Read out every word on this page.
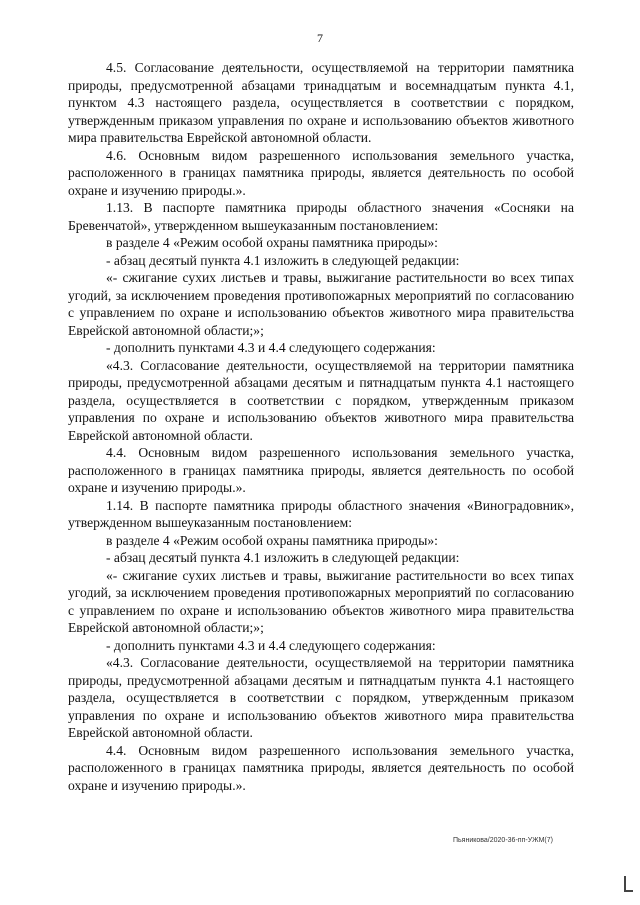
7

4.5. Согласование деятельности, осуществляемой на территории памятника природы, предусмотренной абзацами тринадцатым и восемнадцатым пункта 4.1, пунктом 4.3 настоящего раздела, осуществляется в соответствии с порядком, утвержденным приказом управления по охране и использованию объектов животного мира правительства Еврейской автономной области.

4.6. Основным видом разрешенного использования земельного участка, расположенного в границах памятника природы, является деятельность по особой охране и изучению природы.».

1.13. В паспорте памятника природы областного значения «Сосняки на Бревенчатой», утвержденном вышеуказанным постановлением:

в разделе 4 «Режим особой охраны памятника природы»:

- абзац десятый пункта 4.1 изложить в следующей редакции:

«- сжигание сухих листьев и травы, выжигание растительности во всех типах угодий, за исключением проведения противопожарных мероприятий по согласованию с управлением по охране и использованию объектов животного мира правительства Еврейской автономной области;»;

- дополнить пунктами 4.3 и 4.4 следующего содержания:

«4.3. Согласование деятельности, осуществляемой на территории памятника природы, предусмотренной абзацами десятым и пятнадцатым пункта 4.1 настоящего раздела, осуществляется в соответствии с порядком, утвержденным приказом управления по охране и использованию объектов животного мира правительства Еврейской автономной области.

4.4. Основным видом разрешенного использования земельного участка, расположенного в границах памятника природы, является деятельность по особой охране и изучению природы.».

1.14. В паспорте памятника природы областного значения «Виноградовник», утвержденном вышеуказанным постановлением:

в разделе 4 «Режим особой охраны памятника природы»:

- абзац десятый пункта 4.1 изложить в следующей редакции:

«- сжигание сухих листьев и травы, выжигание растительности во всех типах угодий, за исключением проведения противопожарных мероприятий по согласованию с управлением по охране и использованию объектов животного мира правительства Еврейской автономной области;»;

- дополнить пунктами 4.3 и 4.4 следующего содержания:

«4.3. Согласование деятельности, осуществляемой на территории памятника природы, предусмотренной абзацами десятым и пятнадцатым пункта 4.1 настоящего раздела, осуществляется в соответствии с порядком, утвержденным приказом управления по охране и использованию объектов животного мира правительства Еврейской автономной области.

4.4. Основным видом разрешенного использования земельного участка, расположенного в границах памятника природы, является деятельность по особой охране и изучению природы.».

Пьяникова/2020-36-пп-УЖМ(7)
